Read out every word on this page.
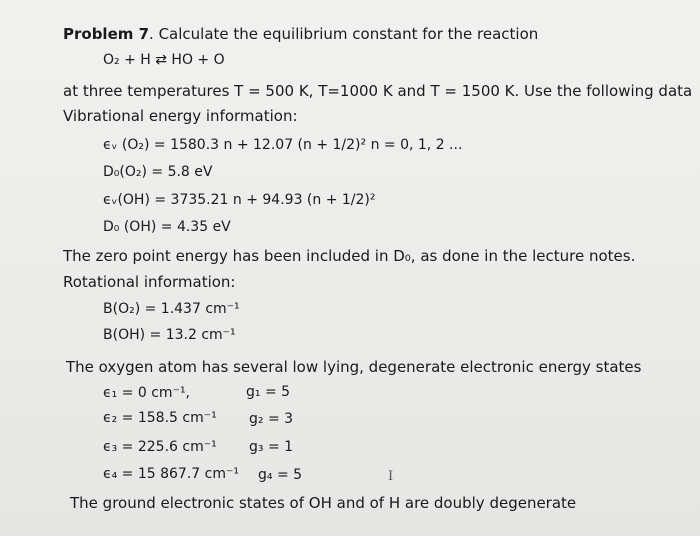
Problem 7. Calculate the equilibrium constant for the reaction
O₂ + H ⇄ HO + O
at three temperatures T = 500 K, T=1000 K and T = 1500 K. Use the following data
Vibrational energy information:
ϵᵥ (O₂) = 1580.3 n + 12.07 (n + 1/2)² n = 0, 1, 2 ...
D₀(O₂) = 5.8 eV
ϵᵥ(OH) = 3735.21 n + 94.93 (n + 1/2)²
D₀ (OH) = 4.35 eV
The zero point energy has been included in D₀, as done in the lecture notes.
Rotational information:
B(O₂) = 1.437 cm⁻¹
B(OH) = 13.2 cm⁻¹
The oxygen atom has several low lying, degenerate electronic energy states
ϵ₁ = 0 cm⁻¹,	g₁ = 5
ϵ₂ = 158.5 cm⁻¹ g₂ = 3
ϵ₃ = 225.6 cm⁻¹ g₃ = 1
ϵ₄ = 15 867.7 cm⁻¹ g₄ = 5	I
The ground electronic states of OH and of H are doubly degenerate
